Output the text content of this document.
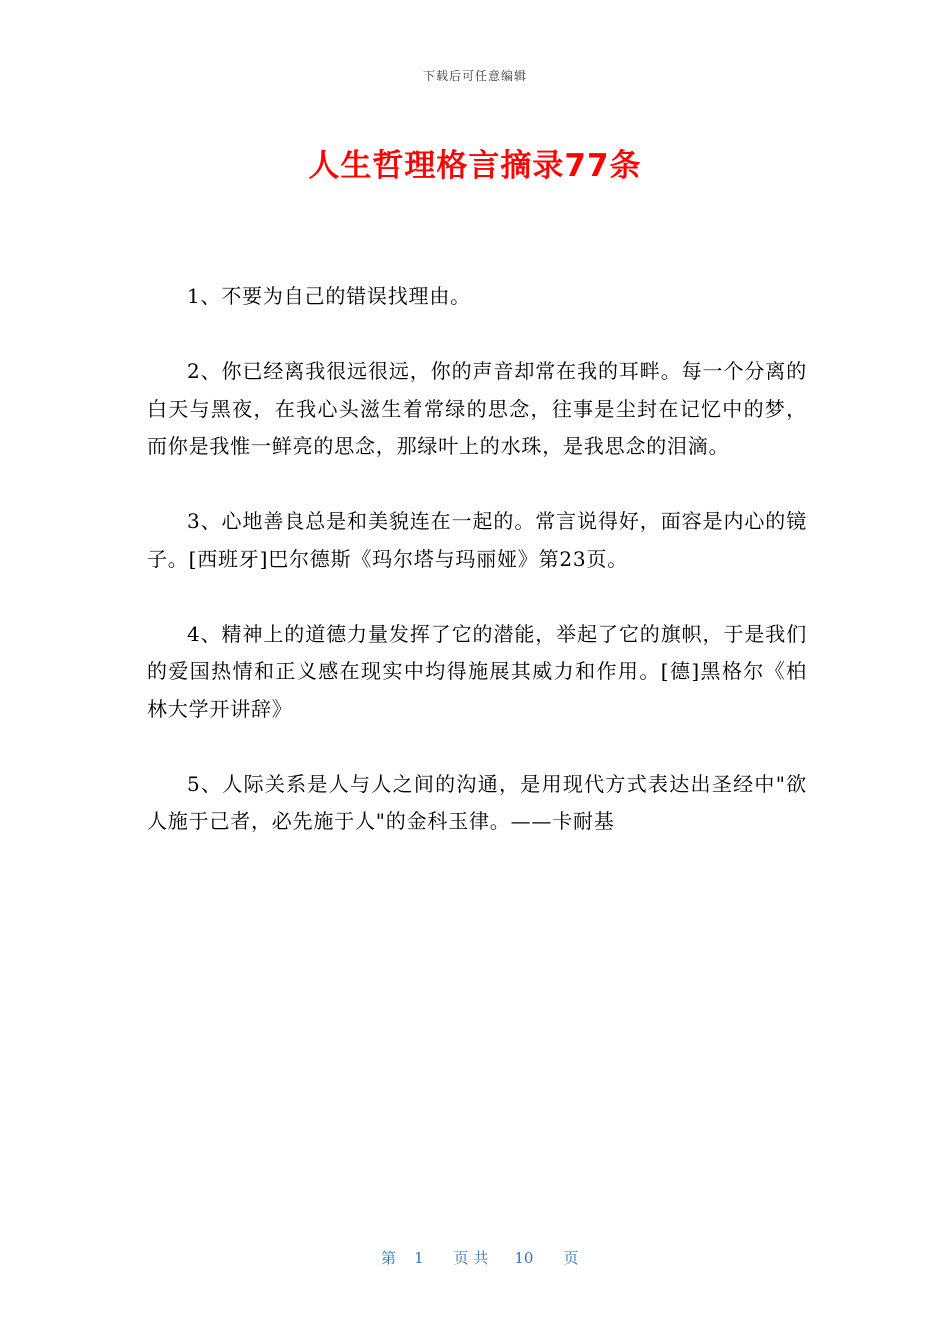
下载后可任意编辑
人生哲理格言摘录77条

1、不要为自己的错误找理由。

2、你已经离我很远很远，你的声音却常在我的耳畔。每一个分离的白天与黑夜，在我心头滋生着常绿的思念，往事是尘封在记忆中的梦，而你是我惟一鲜亮的思念，那绿叶上的水珠，是我思念的泪滴。

3、心地善良总是和美貌连在一起的。常言说得好，面容是内心的镜子。[西班牙]巴尔德斯《玛尔塔与玛丽娅》第23页。

4、精神上的道德力量发挥了它的潜能，举起了它的旗帜，于是我们的爱国热情和正义感在现实中均得施展其威力和作用。[德]黑格尔《柏林大学开讲辞》

5、人际关系是人与人之间的沟通，是用现代方式表达出圣经中"欲人施于己者，必先施于人"的金科玉律。——卡耐基

第 1 页 共 10 页
